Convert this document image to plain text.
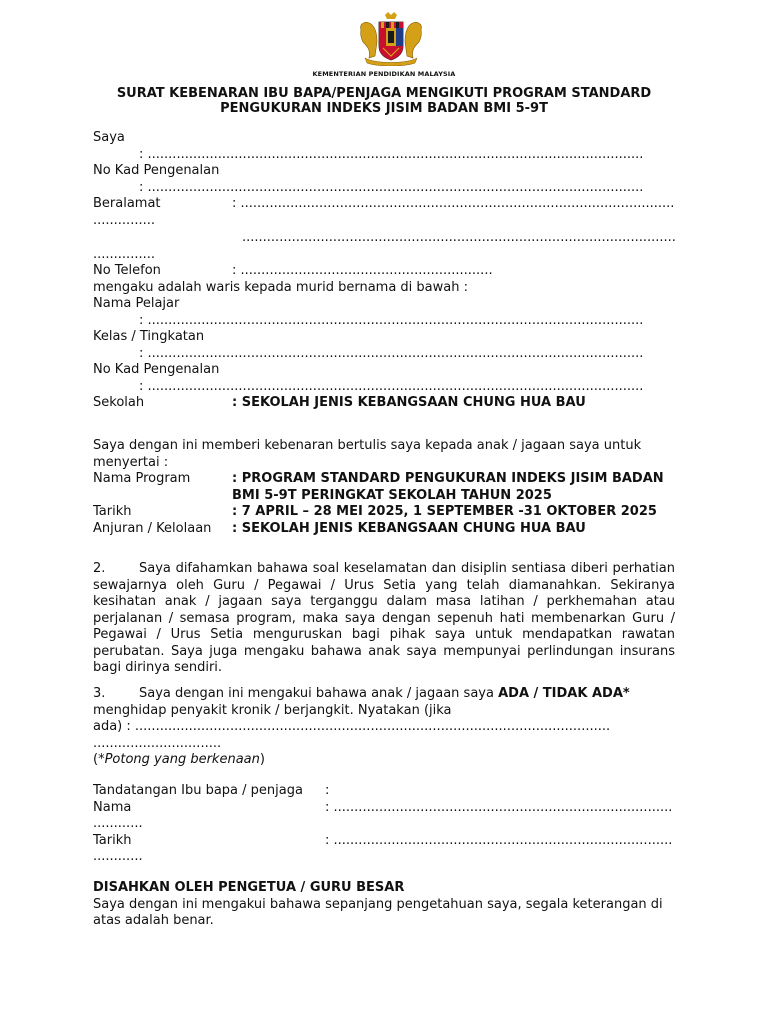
KEMENTERIAN PENDIDIKAN MALAYSIA
SURAT KEBENARAN IBU BAPA/PENJAGA MENGIKUTI PROGRAM STANDARD
PENGUKURAN INDEKS JISIM BADAN BMI 5-9T
Saya
: ........................................................................................................................
No Kad Pengenalan
: ........................................................................................................................
Beralamat	: .........................................................................................................
...............
.........................................................................................................
...............
No Telefon	: .............................................................
mengaku adalah waris kepada murid bernama di bawah :
Nama Pelajar
: ........................................................................................................................
Kelas / Tingkatan
: ........................................................................................................................
No Kad Pengenalan
: ........................................................................................................................
Sekolah	: SEKOLAH JENIS KEBANGSAAN CHUNG HUA BAU
Saya dengan ini memberi kebenaran bertulis saya kepada anak / jagaan saya untuk
menyertai :
Nama Program	: PROGRAM STANDARD PENGUKURAN INDEKS JISIM BADAN
BMI 5-9T PERINGKAT SEKOLAH TAHUN 2025
Tarikh	: 7 APRIL – 28 MEI 2025, 1 SEPTEMBER -31 OKTOBER 2025
Anjuran / Kelolaan : SEKOLAH JENIS KEBANGSAAN CHUNG HUA BAU
2.	Saya difahamkan bahawa soal keselamatan dan disiplin sentiasa diberi perhatian sewajarnya oleh Guru / Pegawai / Urus Setia yang telah diamanahkan. Sekiranya kesihatan anak / jagaan saya terganggu dalam masa latihan / perkhemahan atau perjalanan / semasa program, maka saya dengan sepenuh hati membenarkan Guru / Pegawai / Urus Setia menguruskan bagi pihak saya untuk mendapatkan rawatan perubatan. Saya juga mengaku bahawa anak saya mempunyai perlindungan insurans bagi dirinya sendiri.
3.	Saya dengan ini mengakui bahawa anak / jagaan saya ADA / TIDAK ADA*
menghidap penyakit kronik / berjangkit. Nyatakan (jika
ada) : ...................................................................................................................
...............................
(*Potong yang berkenaan)
Tandatangan Ibu bapa / penjaga :
Nama	: ..................................................................................
............
Tarikh	: ..................................................................................
............
DISAHKAN OLEH PENGETUA / GURU BESAR
Saya dengan ini mengakui bahawa sepanjang pengetahuan saya, segala keterangan di
atas adalah benar.
